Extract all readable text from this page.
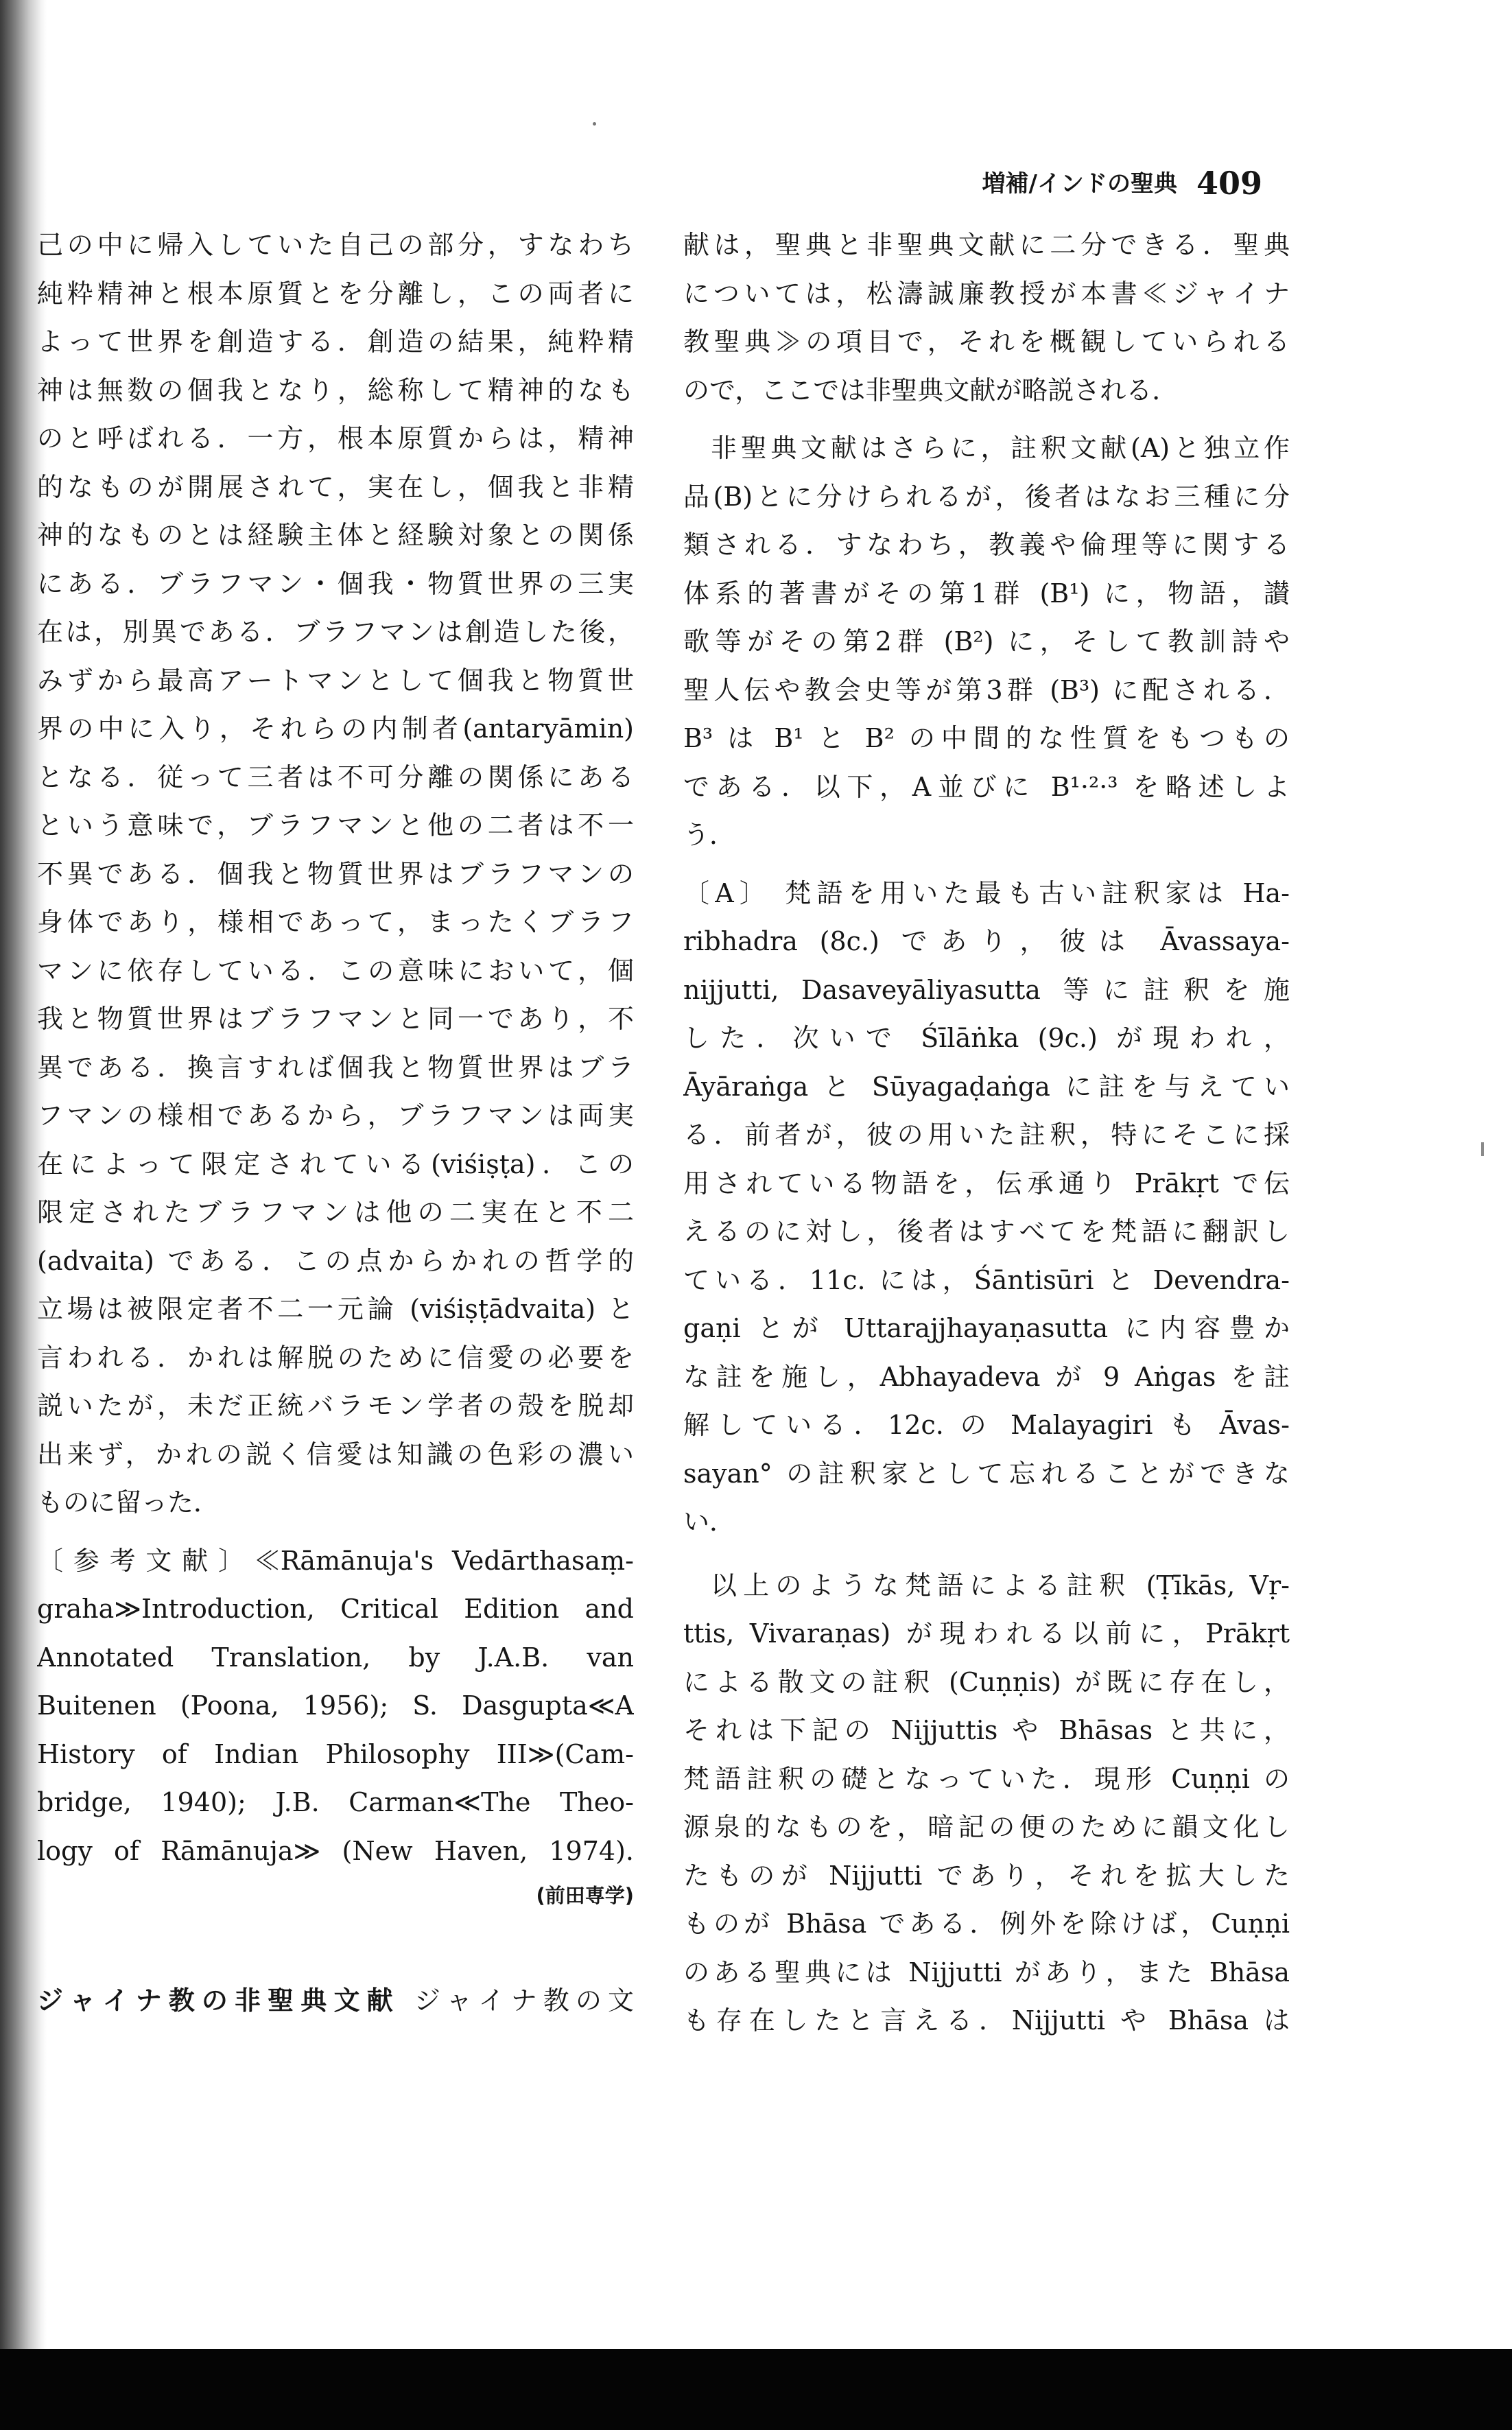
増補/インドの聖典 409
己の中に帰入していた自己の部分，すなわち
純粋精神と根本原質とを分離し，この両者に
よって世界を創造する．創造の結果，純粋精
神は無数の個我となり，総称して精神的なも
のと呼ばれる．一方，根本原質からは，精神
的なものが開展されて，実在し，個我と非精
神的なものとは経験主体と経験対象との関係
にある．ブラフマン・個我・物質世界の三実
在は，別異である．ブラフマンは創造した後，
みずから最高アートマンとして個我と物質世
界の中に入り，それらの内制者(antaryāmin)
となる．従って三者は不可分離の関係にある
という意味で，ブラフマンと他の二者は不一
不異である．個我と物質世界はブラフマンの
身体であり，様相であって，まったくブラフ
マンに依存している．この意味において，個
我と物質世界はブラフマンと同一であり，不
異である．換言すれば個我と物質世界はブラ
フマンの様相であるから，ブラフマンは両実
在によって限定されている(viśiṣṭa)．この
限定されたブラフマンは他の二実在と不二
(advaita) である．この点からかれの哲学的
立場は被限定者不二一元論 (viśiṣṭādvaita) と
言われる．かれは解脱のために信愛の必要を
説いたが，未だ正統バラモン学者の殻を脱却
出来ず，かれの説く信愛は知識の色彩の濃い
ものに留った．
〔参考文献〕≪Rāmānuja's Vedārthasaṃ-
graha≫Introduction, Critical Edition and
Annotated Translation, by J.A.B. van
Buitenen (Poona, 1956); S. Dasgupta≪A
History of Indian Philosophy III≫(Cam-
bridge, 1940); J.B. Carman≪The Theo-
logy of Rāmānuja≫ (New Haven, 1974).
(前田専学)
ジャイナ教の非聖典文献 ジャイナ教の文
献は，聖典と非聖典文献に二分できる．聖典
については，松濤誠廉教授が本書≪ジャイナ
教聖典≫の項目で，それを概観していられる
ので，ここでは非聖典文献が略説される．
非聖典文献はさらに，註釈文献(A)と独立作
品(B)とに分けられるが，後者はなお三種に分
類される．すなわち，教義や倫理等に関する
体系的著書がその第1群 (B¹) に，物語，讃
歌等がその第2群 (B²) に，そして教訓詩や
聖人伝や教会史等が第3群 (B³) に配される．
B³ は B¹ と B² の中間的な性質をもつもの
である．以下，A並びに B¹·²·³ を略述しよ
う．
〔A〕 梵語を用いた最も古い註釈家は Ha-
ribhadra (8c.) であり，彼は Āvassaya-
nijjutti, Dasaveyāliyasutta 等に註釈を施
した．次いで Śīlāṅka (9c.) が現われ，
Āyāraṅga と Sūyagaḍaṅga に註を与えてい
る．前者が，彼の用いた註釈，特にそこに採
用されている物語を，伝承通り Prākṛt で伝
えるのに対し，後者はすべてを梵語に翻訳し
ている．11c. には，Śāntisūri と Devendra-
gaṇi とが Uttarajjhayaṇasutta に内容豊か
な註を施し，Abhayadeva が 9 Aṅgas を註
解している．12c. の Malayagiri も Āvas-
sayan° の註釈家として忘れることができな
い．
以上のような梵語による註釈 (Ṭīkās, Vṛ-
ttis, Vivaraṇas) が現われる以前に，Prākṛt
による散文の註釈 (Cuṇṇis) が既に存在し，
それは下記の Nijjuttis や Bhāsas と共に，
梵語註釈の礎となっていた．現形 Cuṇṇi の
源泉的なものを，暗記の便のために韻文化し
たものが Nijjutti であり，それを拡大した
ものが Bhāsa である．例外を除けば，Cuṇṇi
のある聖典には Nijjutti があり，また Bhāsa
も存在したと言える．Nijjutti や Bhāsa は
